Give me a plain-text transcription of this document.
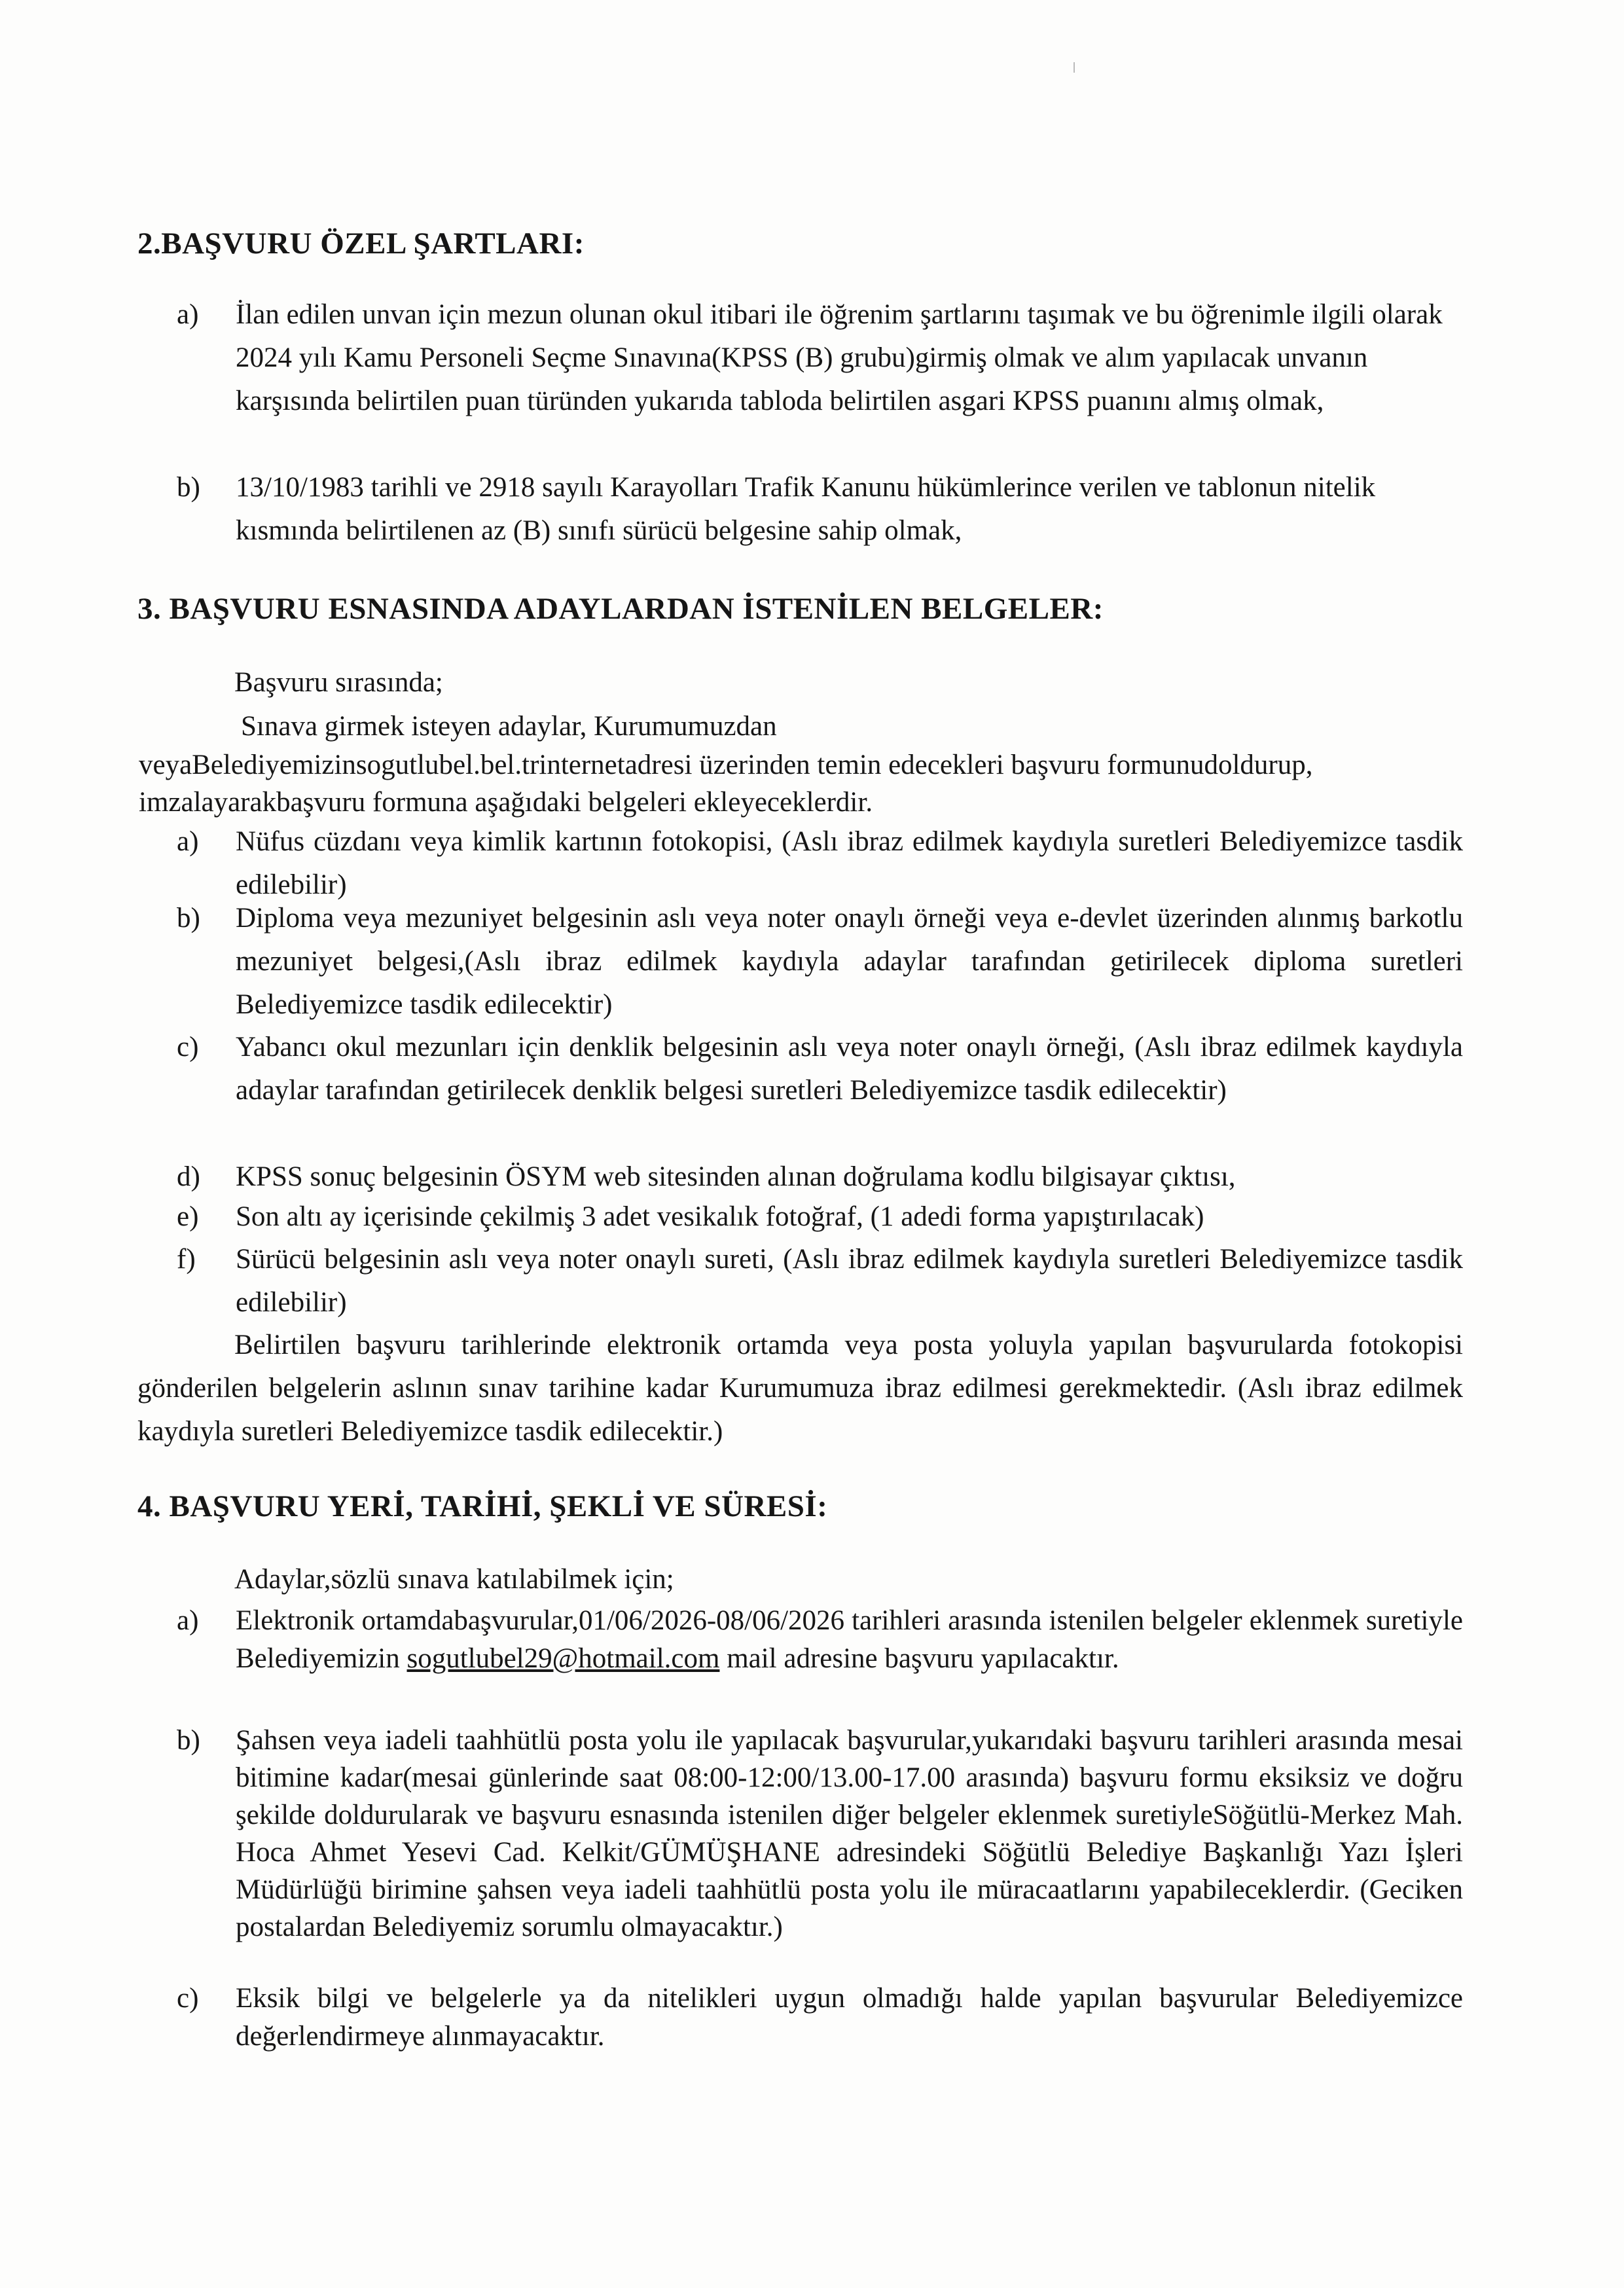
2.BAŞVURU ÖZEL ŞARTLARI:
a) İlan edilen unvan için mezun olunan okul itibari ile öğrenim şartlarını taşımak ve bu öğrenimle ilgili olarak 2024 yılı Kamu Personeli Seçme Sınavına(KPSS (B) grubu)girmiş olmak ve alım yapılacak unvanın karşısında belirtilen puan türünden yukarıda tabloda belirtilen asgari KPSS puanını almış olmak,
b) 13/10/1983 tarihli ve 2918 sayılı Karayolları Trafik Kanunu hükümlerince verilen ve tablonun nitelik kısmında belirtilenen az (B) sınıfı sürücü belgesine sahip olmak,
3. BAŞVURU ESNASINDA ADAYLARDAN İSTENİLEN BELGELER:
Başvuru sırasında;
Sınava girmek isteyen adaylar, Kurumumuzdan
veyaBelediyemizinsogutlubel.bel.trinternetadresi üzerinden temin edecekleri başvuru formunudoldurup, imzalayarakbaşvuru formuna aşağıdaki belgeleri ekleyeceklerdir.
a) Nüfus cüzdanı veya kimlik kartının fotokopisi, (Aslı ibraz edilmek kaydıyla suretleri Belediyemizce tasdik edilebilir)
b) Diploma veya mezuniyet belgesinin aslı veya noter onaylı örneği veya e-devlet üzerinden alınmış barkotlu mezuniyet belgesi,(Aslı ibraz edilmek kaydıyla adaylar tarafından getirilecek diploma suretleri Belediyemizce tasdik edilecektir)
c) Yabancı okul mezunları için denklik belgesinin aslı veya noter onaylı örneği, (Aslı ibraz edilmek kaydıyla adaylar tarafından getirilecek denklik belgesi suretleri Belediyemizce tasdik edilecektir)
d) KPSS sonuç belgesinin ÖSYM web sitesinden alınan doğrulama kodlu bilgisayar çıktısı,
e) Son altı ay içerisinde çekilmiş 3 adet vesikalık fotoğraf, (1 adedi forma yapıştırılacak)
f) Sürücü belgesinin aslı veya noter onaylı sureti, (Aslı ibraz edilmek kaydıyla suretleri Belediyemizce tasdik edilebilir)
Belirtilen başvuru tarihlerinde elektronik ortamda veya posta yoluyla yapılan başvurularda fotokopisi gönderilen belgelerin aslının sınav tarihine kadar Kurumumuza ibraz edilmesi gerekmektedir. (Aslı ibraz edilmek kaydıyla suretleri Belediyemizce tasdik edilecektir.)
4. BAŞVURU YERİ, TARİHİ, ŞEKLİ VE SÜRESİ:
Adaylar,sözlü sınava katılabilmek için;
a) Elektronik ortamdabaşvurular,01/06/2026-08/06/2026 tarihleri arasında istenilen belgeler eklenmek suretiyle Belediyemizin sogutlubel29@hotmail.com mail adresine başvuru yapılacaktır.
b) Şahsen veya iadeli taahhütlü posta yolu ile yapılacak başvurular,yukarıdaki başvuru tarihleri arasında mesai bitimine kadar(mesai günlerinde saat 08:00-12:00/13.00-17.00 arasında) başvuru formu eksiksiz ve doğru şekilde doldurularak ve başvuru esnasında istenilen diğer belgeler eklenmek suretiyleSöğütlü-Merkez Mah. Hoca Ahmet Yesevi Cad. Kelkit/GÜMÜŞHANE adresindeki Söğütlü Belediye Başkanlığı Yazı İşleri Müdürlüğü birimine şahsen veya iadeli taahhütlü posta yolu ile müracaatlarını yapabileceklerdir. (Geciken postalardan Belediyemiz sorumlu olmayacaktır.)
c) Eksik bilgi ve belgelerle ya da nitelikleri uygun olmadığı halde yapılan başvurular Belediyemizce değerlendirmeye alınmayacaktır.
